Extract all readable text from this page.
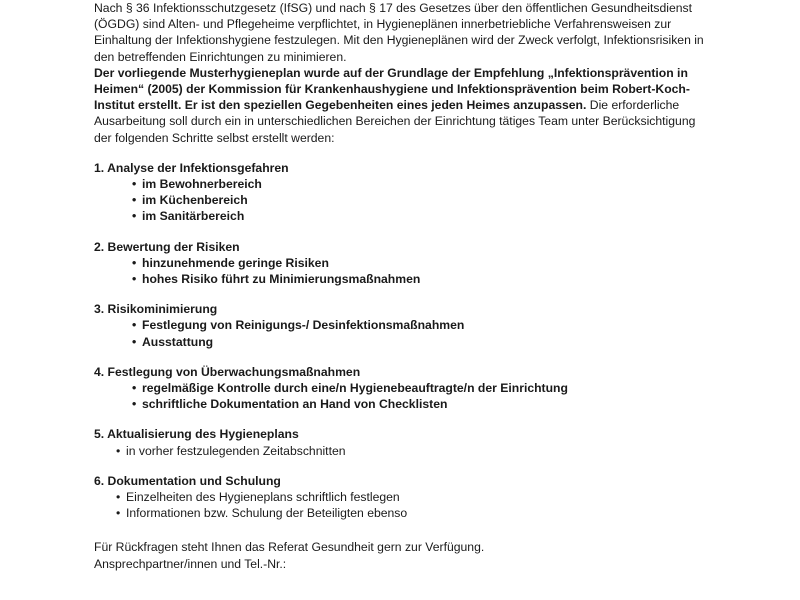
Nach § 36 Infektionsschutzgesetz (IfSG) und nach § 17 des Gesetzes über den öffentlichen Gesundheitsdienst (ÖGDG) sind Alten- und Pflegeheime verpflichtet, in Hygieneplänen innerbetriebliche Verfahrensweisen zur Einhaltung der Infektionshygiene festzulegen. Mit den Hygieneplänen wird der Zweck verfolgt, Infektionsrisiken in den betreffenden Einrichtungen zu minimieren.

Der vorliegende Musterhygieneplan wurde auf der Grundlage der Empfehlung „Infektionsprävention in Heimen“ (2005) der Kommission für Krankenhaushygiene und Infektionsprävention beim Robert-Koch-Institut erstellt. Er ist den speziellen Gegebenheiten eines jeden Heimes anzupassen. Die erforderliche Ausarbeitung soll durch ein in unterschiedlichen Bereichen der Einrichtung tätiges Team unter Berücksichtigung der folgenden Schritte selbst erstellt werden:

1. Analyse der Infektionsgefahren

• im Bewohnerbereich
• im Küchenbereich
• im Sanitärbereich

2. Bewertung der Risiken

• hinzunehmende geringe Risiken
• hohes Risiko führt zu Minimierungsmaßnahmen

3. Risikominimierung

• Festlegung von Reinigungs-/ Desinfektionsmaßnahmen
• Ausstattung

4. Festlegung von Überwachungsmaßnahmen

• regelmäßige Kontrolle durch eine/n Hygienebeauftragte/n der Einrichtung
• schriftliche Dokumentation an Hand von Checklisten

5. Aktualisierung des Hygieneplans

• in vorher festzulegenden Zeitabschnitten

6. Dokumentation und Schulung

• Einzelheiten des Hygieneplans schriftlich festlegen
• Informationen bzw. Schulung der Beteiligten ebenso

Für Rückfragen steht Ihnen das Referat Gesundheit gern zur Verfügung.

Ansprechpartner/innen und Tel.-Nr.:
